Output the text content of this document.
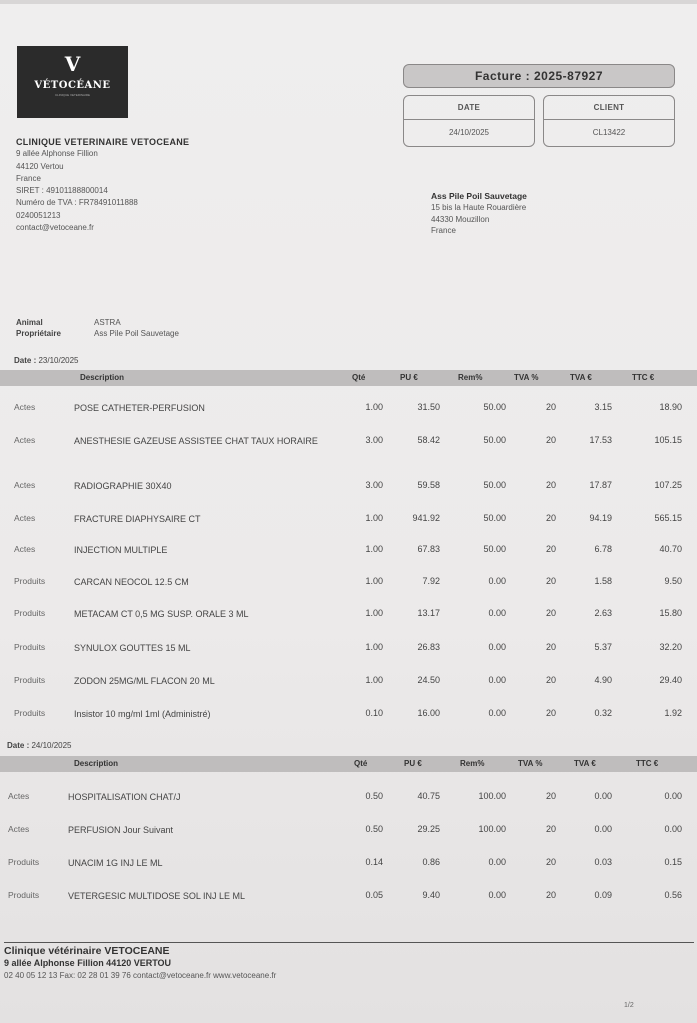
V
VÉTOCÉANE
CLINIQUE VETERINAIRE
CLINIQUE VETERINAIRE VETOCEANE
9 allée Alphonse Fillion
44120 Vertou
France
SIRET : 49101188800014
Numéro de TVA : FR78491011888
0240051213
contact@vetoceane.fr
Facture : 2025-87927
DATE
24/10/2025
CLIENT
CL13422
Ass Pile Poil Sauvetage
15 bis la Haute Rouardière
44330 Mouzillon
France
Animal	ASTRA
Propriétaire	Ass Pile Poil Sauvetage
Date : 23/10/2025
Description	Qté	PU €	Rem%	TVA %	TVA €	TTC €
Actes	POSE CATHETER-PERFUSION	1.00	31.50	50.00	20	3.15	18.90
Actes	ANESTHESIE GAZEUSE ASSISTEE CHAT TAUX HORAIRE	3.00	58.42	50.00	20	17.53	105.15
Actes	RADIOGRAPHIE 30X40	3.00	59.58	50.00	20	17.87	107.25
Actes	FRACTURE DIAPHYSAIRE CT	1.00	941.92	50.00	20	94.19	565.15
Actes	INJECTION MULTIPLE	1.00	67.83	50.00	20	6.78	40.70
Produits	CARCAN NEOCOL 12.5 CM	1.00	7.92	0.00	20	1.58	9.50
Produits	METACAM CT 0,5 MG SUSP. ORALE 3 ML	1.00	13.17	0.00	20	2.63	15.80
Produits	SYNULOX GOUTTES 15 ML	1.00	26.83	0.00	20	5.37	32.20
Produits	ZODON 25MG/ML FLACON 20 ML	1.00	24.50	0.00	20	4.90	29.40
Produits	Insistor 10 mg/ml 1ml (Administré)	0.10	16.00	0.00	20	0.32	1.92
Date : 24/10/2025
Description	Qté	PU €	Rem%	TVA %	TVA €	TTC €
Actes	HOSPITALISATION CHAT/J	0.50	40.75	100.00	20	0.00	0.00
Actes	PERFUSION Jour Suivant	0.50	29.25	100.00	20	0.00	0.00
Produits	UNACIM 1G INJ LE ML	0.14	0.86	0.00	20	0.03	0.15
Produits	VETERGESIC MULTIDOSE SOL INJ LE ML	0.05	9.40	0.00	20	0.09	0.56
Clinique vétérinaire VETOCEANE
9 allée Alphonse Fillion 44120 VERTOU
02 40 05 12 13 Fax: 02 28 01 39 76 contact@vetoceane.fr www.vetoceane.fr
1/2
